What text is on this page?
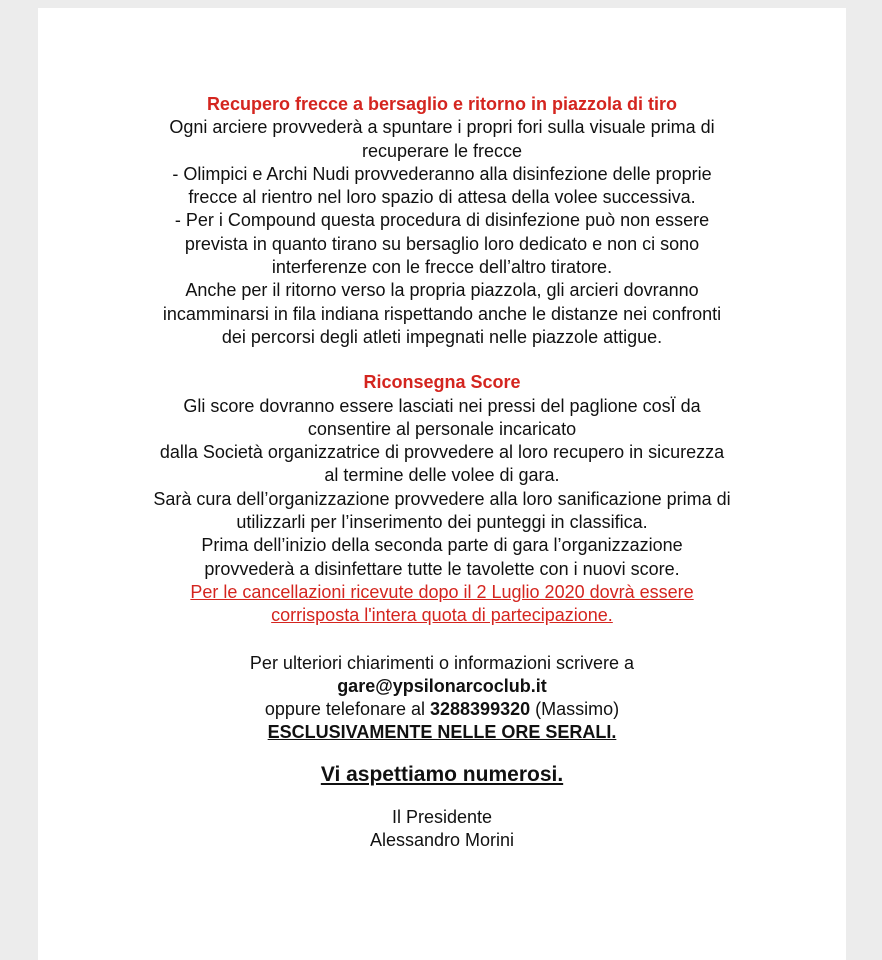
Recupero frecce a bersaglio e ritorno in piazzola di tiro
Ogni arciere provvederà a spuntare i propri fori sulla visuale prima di
recuperare le frecce
- Olimpici e Archi Nudi provvederanno alla disinfezione delle proprie
frecce al rientro nel loro spazio di attesa della volee successiva.
- Per i Compound questa procedura di disinfezione può non essere
prevista in quanto tirano su bersaglio loro dedicato e non ci sono
interferenze con le frecce dell’altro tiratore.
Anche per il ritorno verso la propria piazzola, gli arcieri dovranno
incamminarsi in fila indiana rispettando anche le distanze nei confronti
dei percorsi degli atleti impegnati nelle piazzole attigue.
Riconsegna Score
Gli score dovranno essere lasciati nei pressi del paglione cosÏ da
consentire al personale incaricato
dalla Società organizzatrice di provvedere al loro recupero in sicurezza
al termine delle volee di gara.
Sarà cura dell’organizzazione provvedere alla loro sanificazione prima di
utilizzarli per l’inserimento dei punteggi in classifica.
Prima dell’inizio della seconda parte di gara l’organizzazione
provvederà a disinfettare tutte le tavolette con i nuovi score.
Per le cancellazioni ricevute dopo il 2 Luglio 2020 dovrà essere
corrisposta l'intera quota di partecipazione.
Per ulteriori chiarimenti o informazioni scrivere a
gare@ypsilonarcoclub.it
oppure telefonare al 3288399320 (Massimo)
ESCLUSIVAMENTE NELLE ORE SERALI.
Vi aspettiamo numerosi.
Il Presidente
Alessandro Morini
